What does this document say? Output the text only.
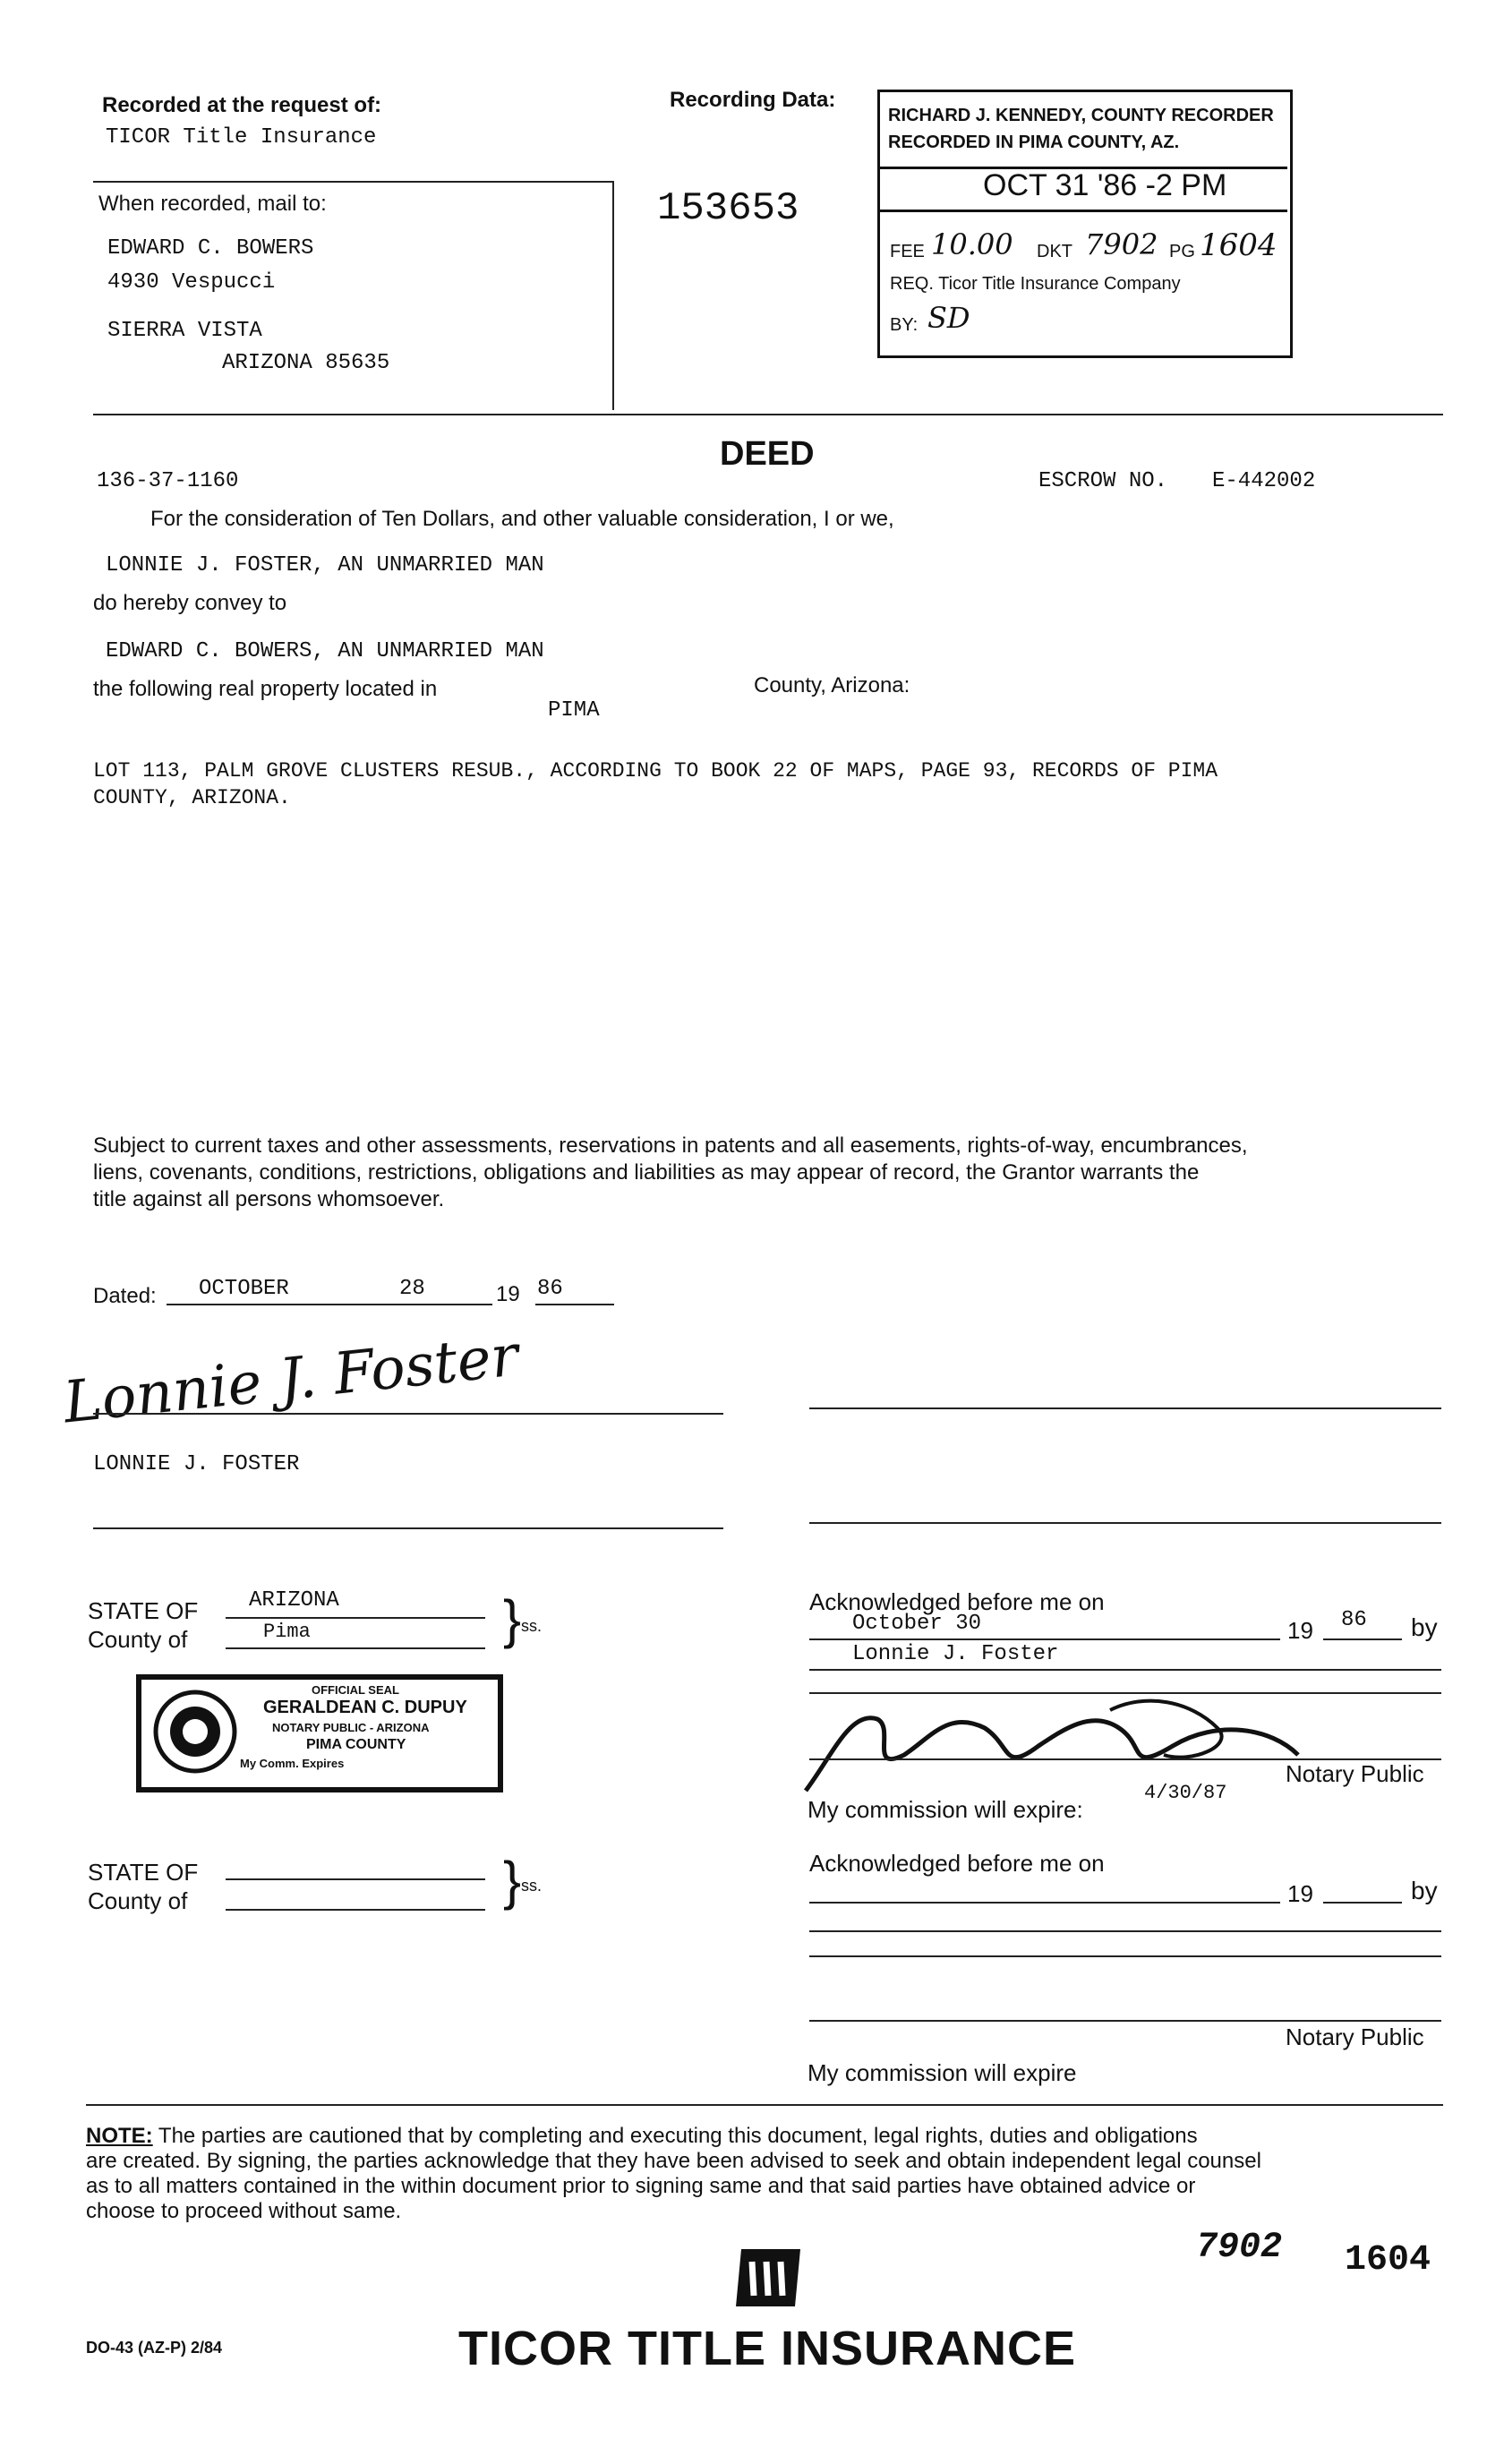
Recorded at the request of:
TICOR Title Insurance
Recording Data:
153653
When recorded, mail to:
EDWARD C. BOWERS
4930 Vespucci
SIERRA VISTA
ARIZONA 85635
RICHARD J. KENNEDY, COUNTY RECORDER
RECORDED IN PIMA COUNTY, AZ.
OCT 31 '86 -2 PM
FEE 10.00 DKT 7902 PG 1604
REQ. Ticor Title Insurance Company
BY: SD
DEED
136-37-1160	ESCROW NO. E-442002
For the consideration of Ten Dollars, and other valuable consideration, I or we,
LONNIE J. FOSTER, AN UNMARRIED MAN
do hereby convey to
EDWARD C. BOWERS, AN UNMARRIED MAN
the following real property located in
PIMA
County, Arizona:
LOT 113, PALM GROVE CLUSTERS RESUB., ACCORDING TO BOOK 22 OF MAPS, PAGE 93, RECORDS OF PIMA
COUNTY, ARIZONA.
Subject to current taxes and other assessments, reservations in patents and all easements, rights-of-way, encumbrances,
liens, covenants, conditions, restrictions, obligations and liabilities as may appear of record, the Grantor warrants the
title against all persons whomsoever.
Dated: OCTOBER	28	19 86
Lonnie J. Foster
LONNIE J. FOSTER
STATE OF ARIZONA
County of	Pima	} ss.
OFFICIAL SEAL
GERALDEAN C. DUPUY
NOTARY PUBLIC - ARIZONA
PIMA COUNTY
My Comm. Expires
Acknowledged before me on
October 30	19 86 by
Lonnie J. Foster
Notary Public
My commission will expire:
4/30/87
STATE OF
County of	} ss.
Acknowledged before me on
19	by
Notary Public
My commission will expire
NOTE: The parties are cautioned that by completing and executing this document, legal rights, duties and obligations
are created. By signing, the parties acknowledge that they have been advised to seek and obtain independent legal counsel
as to all matters contained in the within document prior to signing same and that said parties have obtained advice or
choose to proceed without same.
7902 1604
DO-43 (AZ-P) 2/84	TICOR TITLE INSURANCE
